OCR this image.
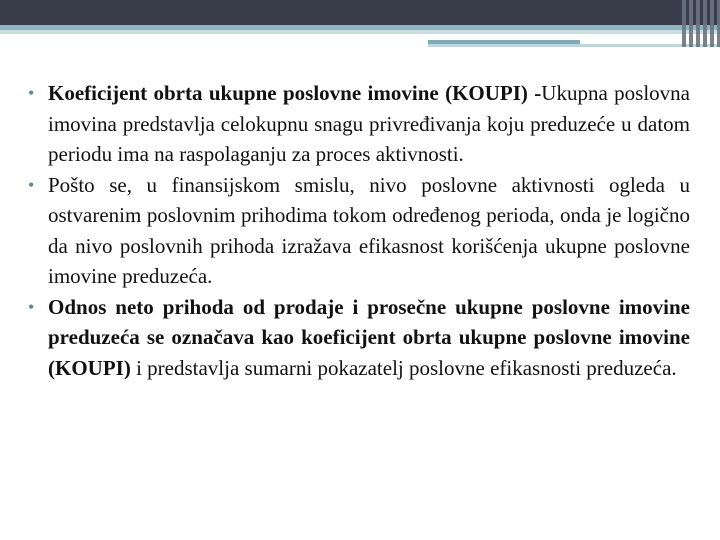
• Koeficijent obrta ukupne poslovne imovine (KOUPI) -Ukupna poslovna imovina predstavlja celokupnu snagu privređivanja koju preduzeće u datom periodu ima na raspolaganju za proces aktivnosti.
• Pošto se, u finansijskom smislu, nivo poslovne aktivnosti ogleda u ostvarenim poslovnim prihodima tokom određenog perioda, onda je logično da nivo poslovnih prihoda izražava efikasnost korišćenja ukupne poslovne imovine preduzeća.
• Odnos neto prihoda od prodaje i prosečne ukupne poslovne imovine preduzeća se označava kao koeficijent obrta ukupne poslovne imovine (KOUPI) i predstavlja sumarni pokazatelj poslovne efikasnosti preduzeća.
